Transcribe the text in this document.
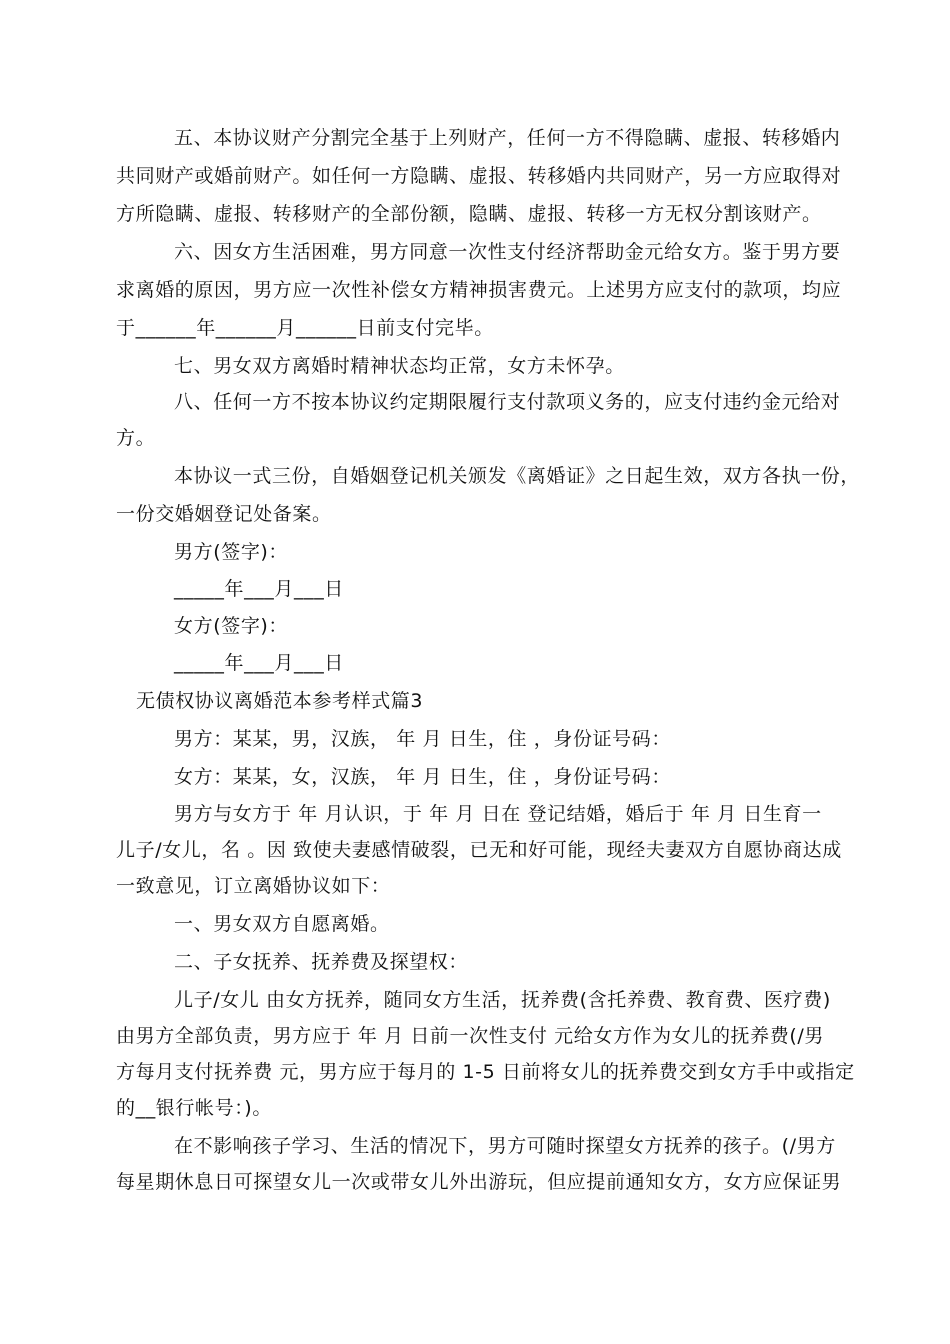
五、本协议财产分割完全基于上列财产，任何一方不得隐瞒、虚报、转移婚内
共同财产或婚前财产。如任何一方隐瞒、虚报、转移婚内共同财产，另一方应取得对
方所隐瞒、虚报、转移财产的全部份额，隐瞒、虚报、转移一方无权分割该财产。
六、因女方生活困难，男方同意一次性支付经济帮助金元给女方。鉴于男方要
求离婚的原因，男方应一次性补偿女方精神损害费元。上述男方应支付的款项，均应
于______年______月______日前支付完毕。
七、男女双方离婚时精神状态均正常，女方未怀孕。
八、任何一方不按本协议约定期限履行支付款项义务的，应支付违约金元给对
方。
本协议一式三份，自婚姻登记机关颁发《离婚证》之日起生效，双方各执一份，
一份交婚姻登记处备案。
男方(签字)：
_____年___月___日
女方(签字)：
_____年___月___日
无债权协议离婚范本参考样式篇3
男方：某某，男，汉族， 年 月 日生，住 ，身份证号码：
女方：某某，女，汉族， 年 月 日生，住 ，身份证号码：
男方与女方于 年 月认识，于 年 月 日在 登记结婚，婚后于 年 月 日生育一
儿子/女儿，名 。因 致使夫妻感情破裂，已无和好可能，现经夫妻双方自愿协商达成
一致意见，订立离婚协议如下：
一、男女双方自愿离婚。
二、子女抚养、抚养费及探望权：
儿子/女儿 由女方抚养，随同女方生活，抚养费(含托养费、教育费、医疗费)
由男方全部负责，男方应于 年 月 日前一次性支付 元给女方作为女儿的抚养费(/男
方每月支付抚养费 元，男方应于每月的 1-5 日前将女儿的抚养费交到女方手中或指定
的__银行帐号：)。
在不影响孩子学习、生活的情况下，男方可随时探望女方抚养的孩子。(/男方
每星期休息日可探望女儿一次或带女儿外出游玩，但应提前通知女方，女方应保证男
